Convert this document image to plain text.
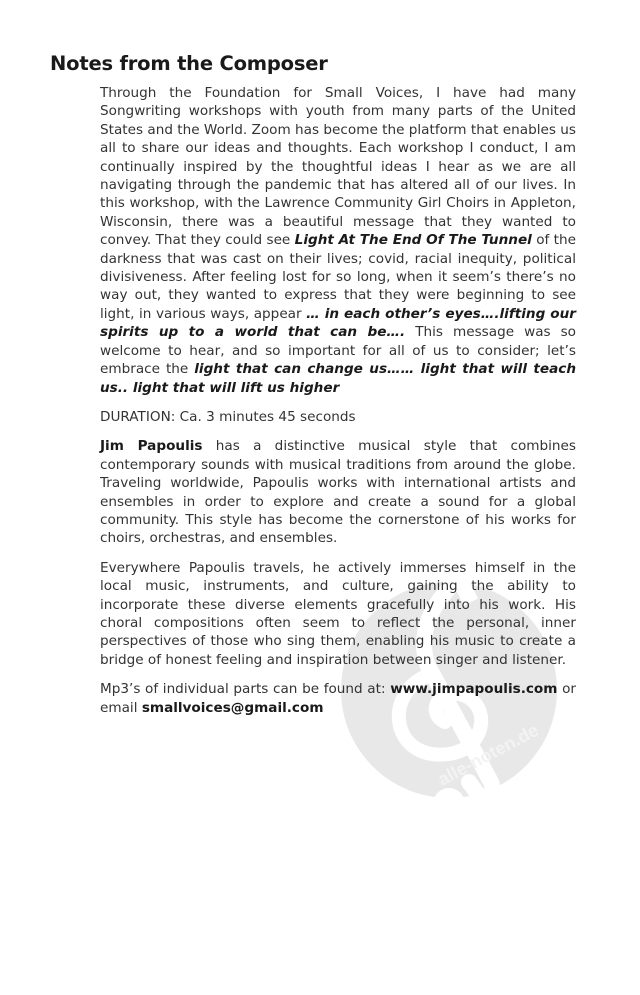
alle-noten.de
Notes from the Composer

Through the Foundation for Small Voices, I have had many Songwriting workshops with youth from many parts of the United States and the World. Zoom has become the platform that enables us all to share our ideas and thoughts. Each workshop I conduct, I am continually inspired by the thoughtful ideas I hear as we are all navigating through the pandemic that has altered all of our lives. In this workshop, with the Lawrence Community Girl Choirs in Appleton, Wisconsin, there was a beautiful message that they wanted to convey. That they could see Light At The End Of The Tunnel of the darkness that was cast on their lives; covid, racial inequity, political divisiveness. After feeling lost for so long, when it seem’s there’s no way out, they wanted to express that they were beginning to see light, in various ways, appear … in each other’s eyes….lifting our spirits up to a world that can be…. This message was so welcome to hear, and so important for all of us to consider; let’s embrace the light that can change us…… light that will teach us.. light that will lift us higher

DURATION: Ca. 3 minutes 45 seconds

Jim Papoulis has a distinctive musical style that combines contemporary sounds with musical traditions from around the globe. Traveling worldwide, Papoulis works with international artists and ensembles in order to explore and create a sound for a global community. This style has become the cornerstone of his works for choirs, orchestras, and ensembles.

Everywhere Papoulis travels, he actively immerses himself in the local music, instruments, and culture, gaining the ability to incorporate these diverse elements gracefully into his work. His choral compositions often seem to reflect the personal, inner perspectives of those who sing them, enabling his music to create a bridge of honest feeling and inspiration between singer and listener.

Mp3’s of individual parts can be found at: www.jimpapoulis.com or email smallvoices@gmail.com
